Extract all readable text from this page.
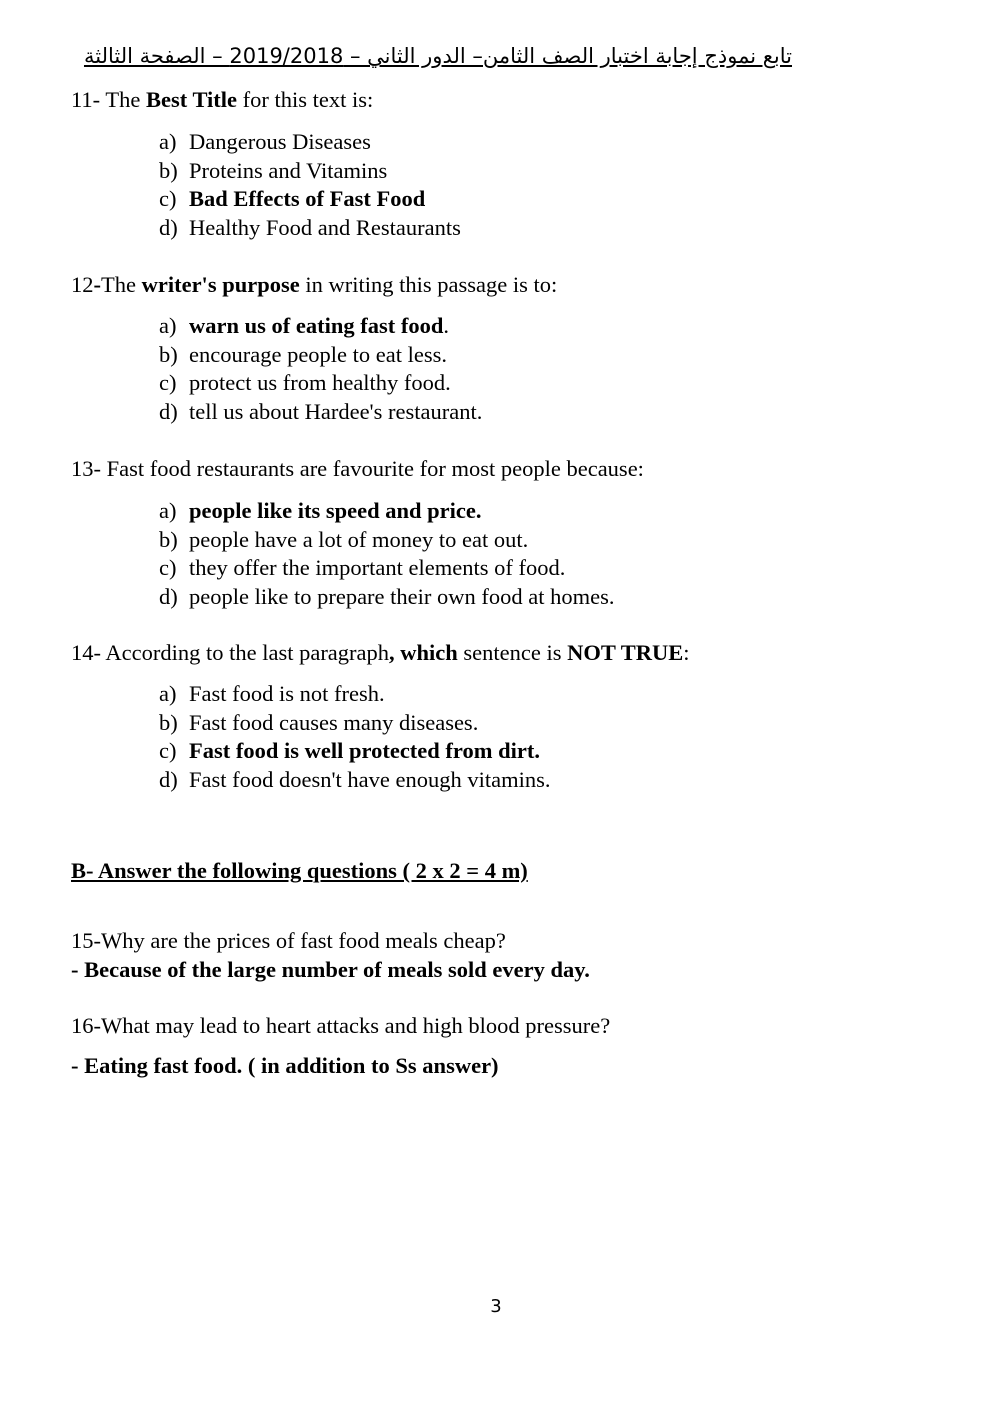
تابع نموذج إجابة اختبار الصف الثامن– الدور الثاني – 2019/2018 – الصفحة الثالثة
11- The Best Title for this text is:
a) Dangerous Diseases
b) Proteins and Vitamins
c) Bad Effects of Fast Food
d) Healthy Food and Restaurants
12-The writer's purpose in writing this passage is to:
a) warn us of eating fast food.
b) encourage people to eat less.
c) protect us from healthy food.
d) tell us about Hardee's restaurant.
13- Fast food restaurants are favourite for most people because:
a) people like its speed and price.
b) people have a lot of money to eat out.
c) they offer the important elements of food.
d) people like to prepare their own food at homes.
14- According to the last paragraph, which sentence is NOT TRUE:
a) Fast food is not fresh.
b) Fast food causes many diseases.
c) Fast food is well protected from dirt.
d) Fast food doesn't have enough vitamins.
B- Answer the following questions ( 2 x 2 = 4 m)
15-Why are the prices of fast food meals cheap?
- Because of the large number of meals sold every day.
16-What may lead to heart attacks and high blood pressure?
- Eating fast food. ( in addition to Ss answer)
3
